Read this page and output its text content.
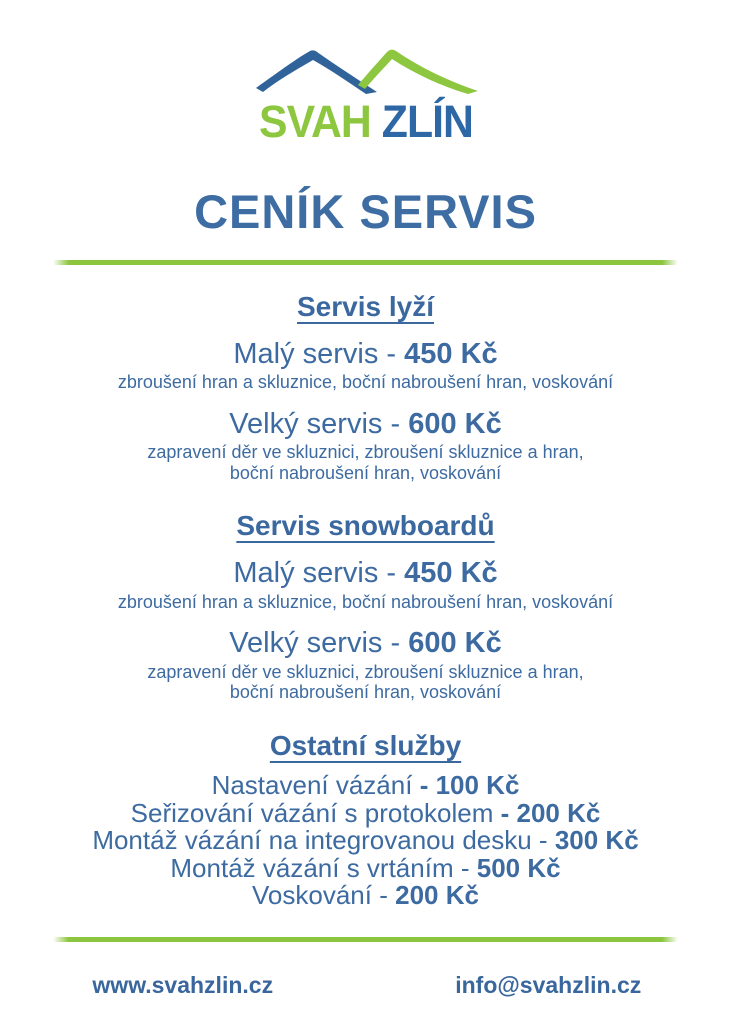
SVAH ZLÍN
CENÍK SERVIS
Servis lyží
Malý servis - 450 Kč
zbroušení hran a skluznice, boční nabroušení hran, voskování
Velký servis - 600 Kč
zapravení děr ve skluznici, zbroušení skluznice a hran,
boční nabroušení hran, voskování
Servis snowboardů
Malý servis - 450 Kč
zbroušení hran a skluznice, boční nabroušení hran, voskování
Velký servis - 600 Kč
zapravení děr ve skluznici, zbroušení skluznice a hran,
boční nabroušení hran, voskování
Ostatní služby
Nastavení vázání - 100 Kč
Seřizování vázání s protokolem - 200 Kč
Montáž vázání na integrovanou desku - 300 Kč
Montáž vázání s vrtáním - 500 Kč
Voskování - 200 Kč
www.svahzlin.cz	info@svahzlin.cz
